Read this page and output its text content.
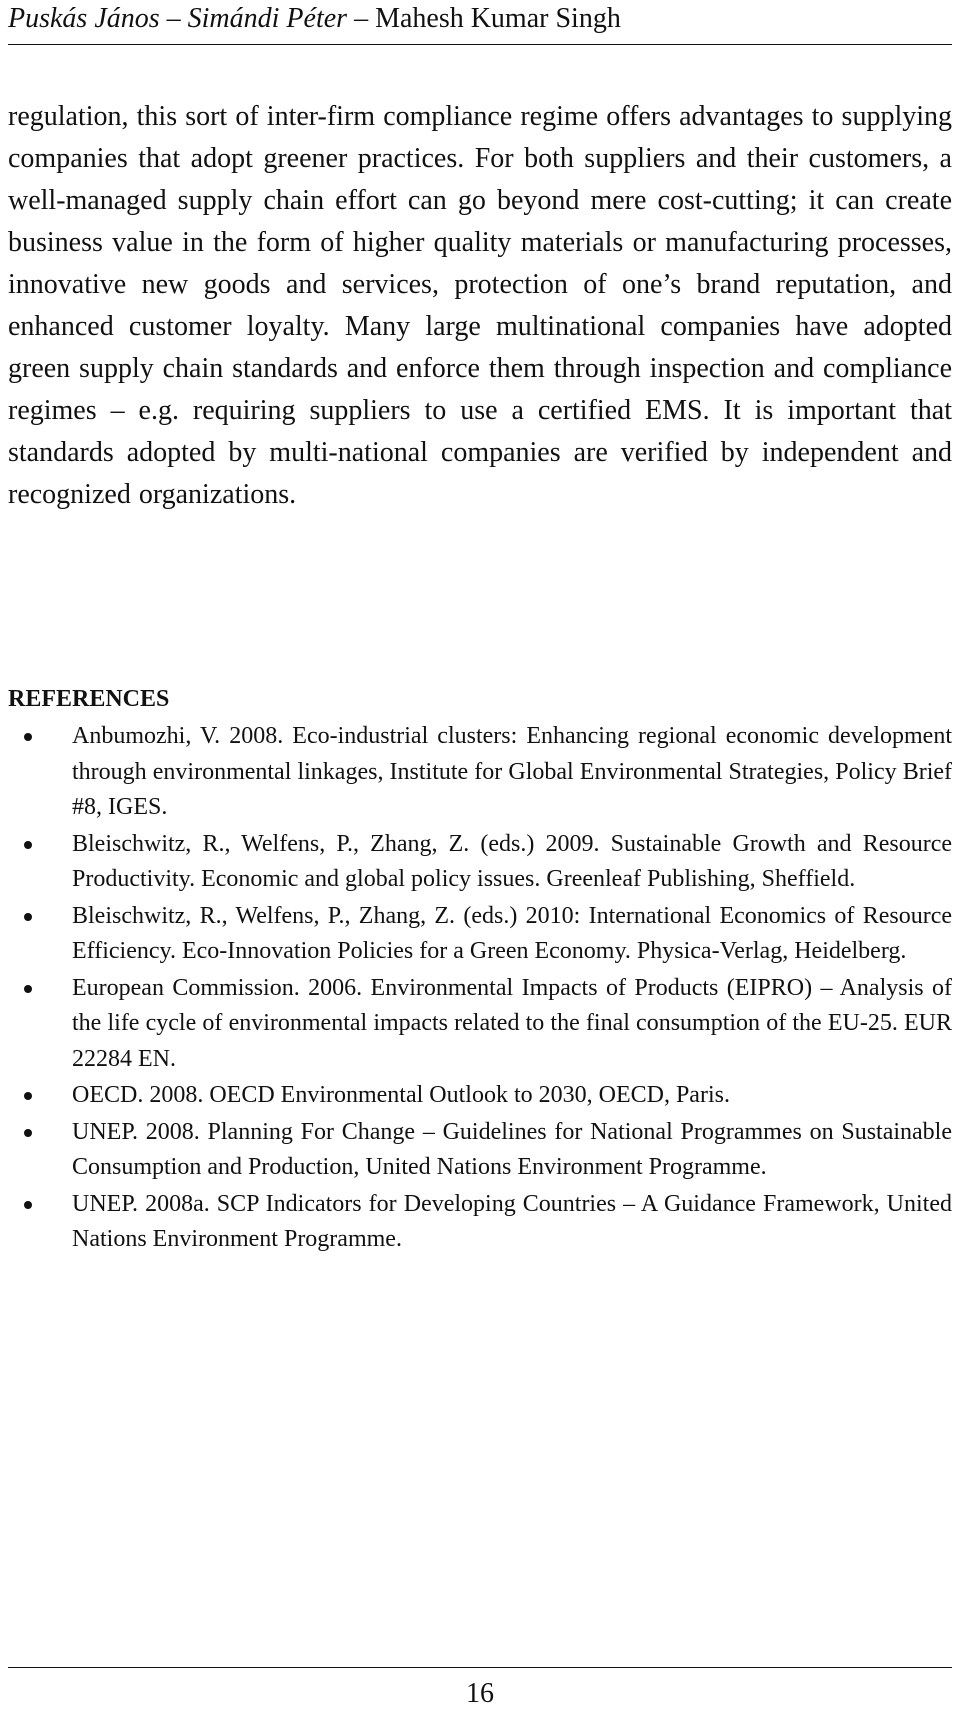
Puskás János – Simándi Péter – Mahesh Kumar Singh
regulation, this sort of inter-firm compliance regime offers advantages to supplying companies that adopt greener practices. For both suppliers and their customers, a well-managed supply chain effort can go beyond mere cost-cutting; it can create business value in the form of higher quality materials or manufacturing processes, innovative new goods and services, protection of one’s brand reputation, and enhanced customer loyalty. Many large multinational companies have adopted green supply chain standards and enforce them through inspection and compliance regimes – e.g. requiring suppliers to use a certified EMS. It is important that standards adopted by multi-national companies are verified by independent and recognized organizations.
REFERENCES
Anbumozhi, V. 2008. Eco-industrial clusters: Enhancing regional economic development through environmental linkages, Institute for Global Environmental Strategies, Policy Brief #8, IGES.
Bleischwitz, R., Welfens, P., Zhang, Z. (eds.) 2009. Sustainable Growth and Resource Productivity. Economic and global policy issues. Greenleaf Publishing, Sheffield.
Bleischwitz, R., Welfens, P., Zhang, Z. (eds.) 2010: International Economics of Resource Efficiency. Eco-Innovation Policies for a Green Economy. Physica-Verlag, Heidelberg.
European Commission. 2006. Environmental Impacts of Products (EIPRO) – Analysis of the life cycle of environmental impacts related to the final consumption of the EU-25. EUR 22284 EN.
OECD. 2008. OECD Environmental Outlook to 2030, OECD, Paris.
UNEP. 2008. Planning For Change – Guidelines for National Programmes on Sustainable Consumption and Production, United Nations Environment Programme.
UNEP. 2008a. SCP Indicators for Developing Countries – A Guidance Framework, United Nations Environment Programme.
16
